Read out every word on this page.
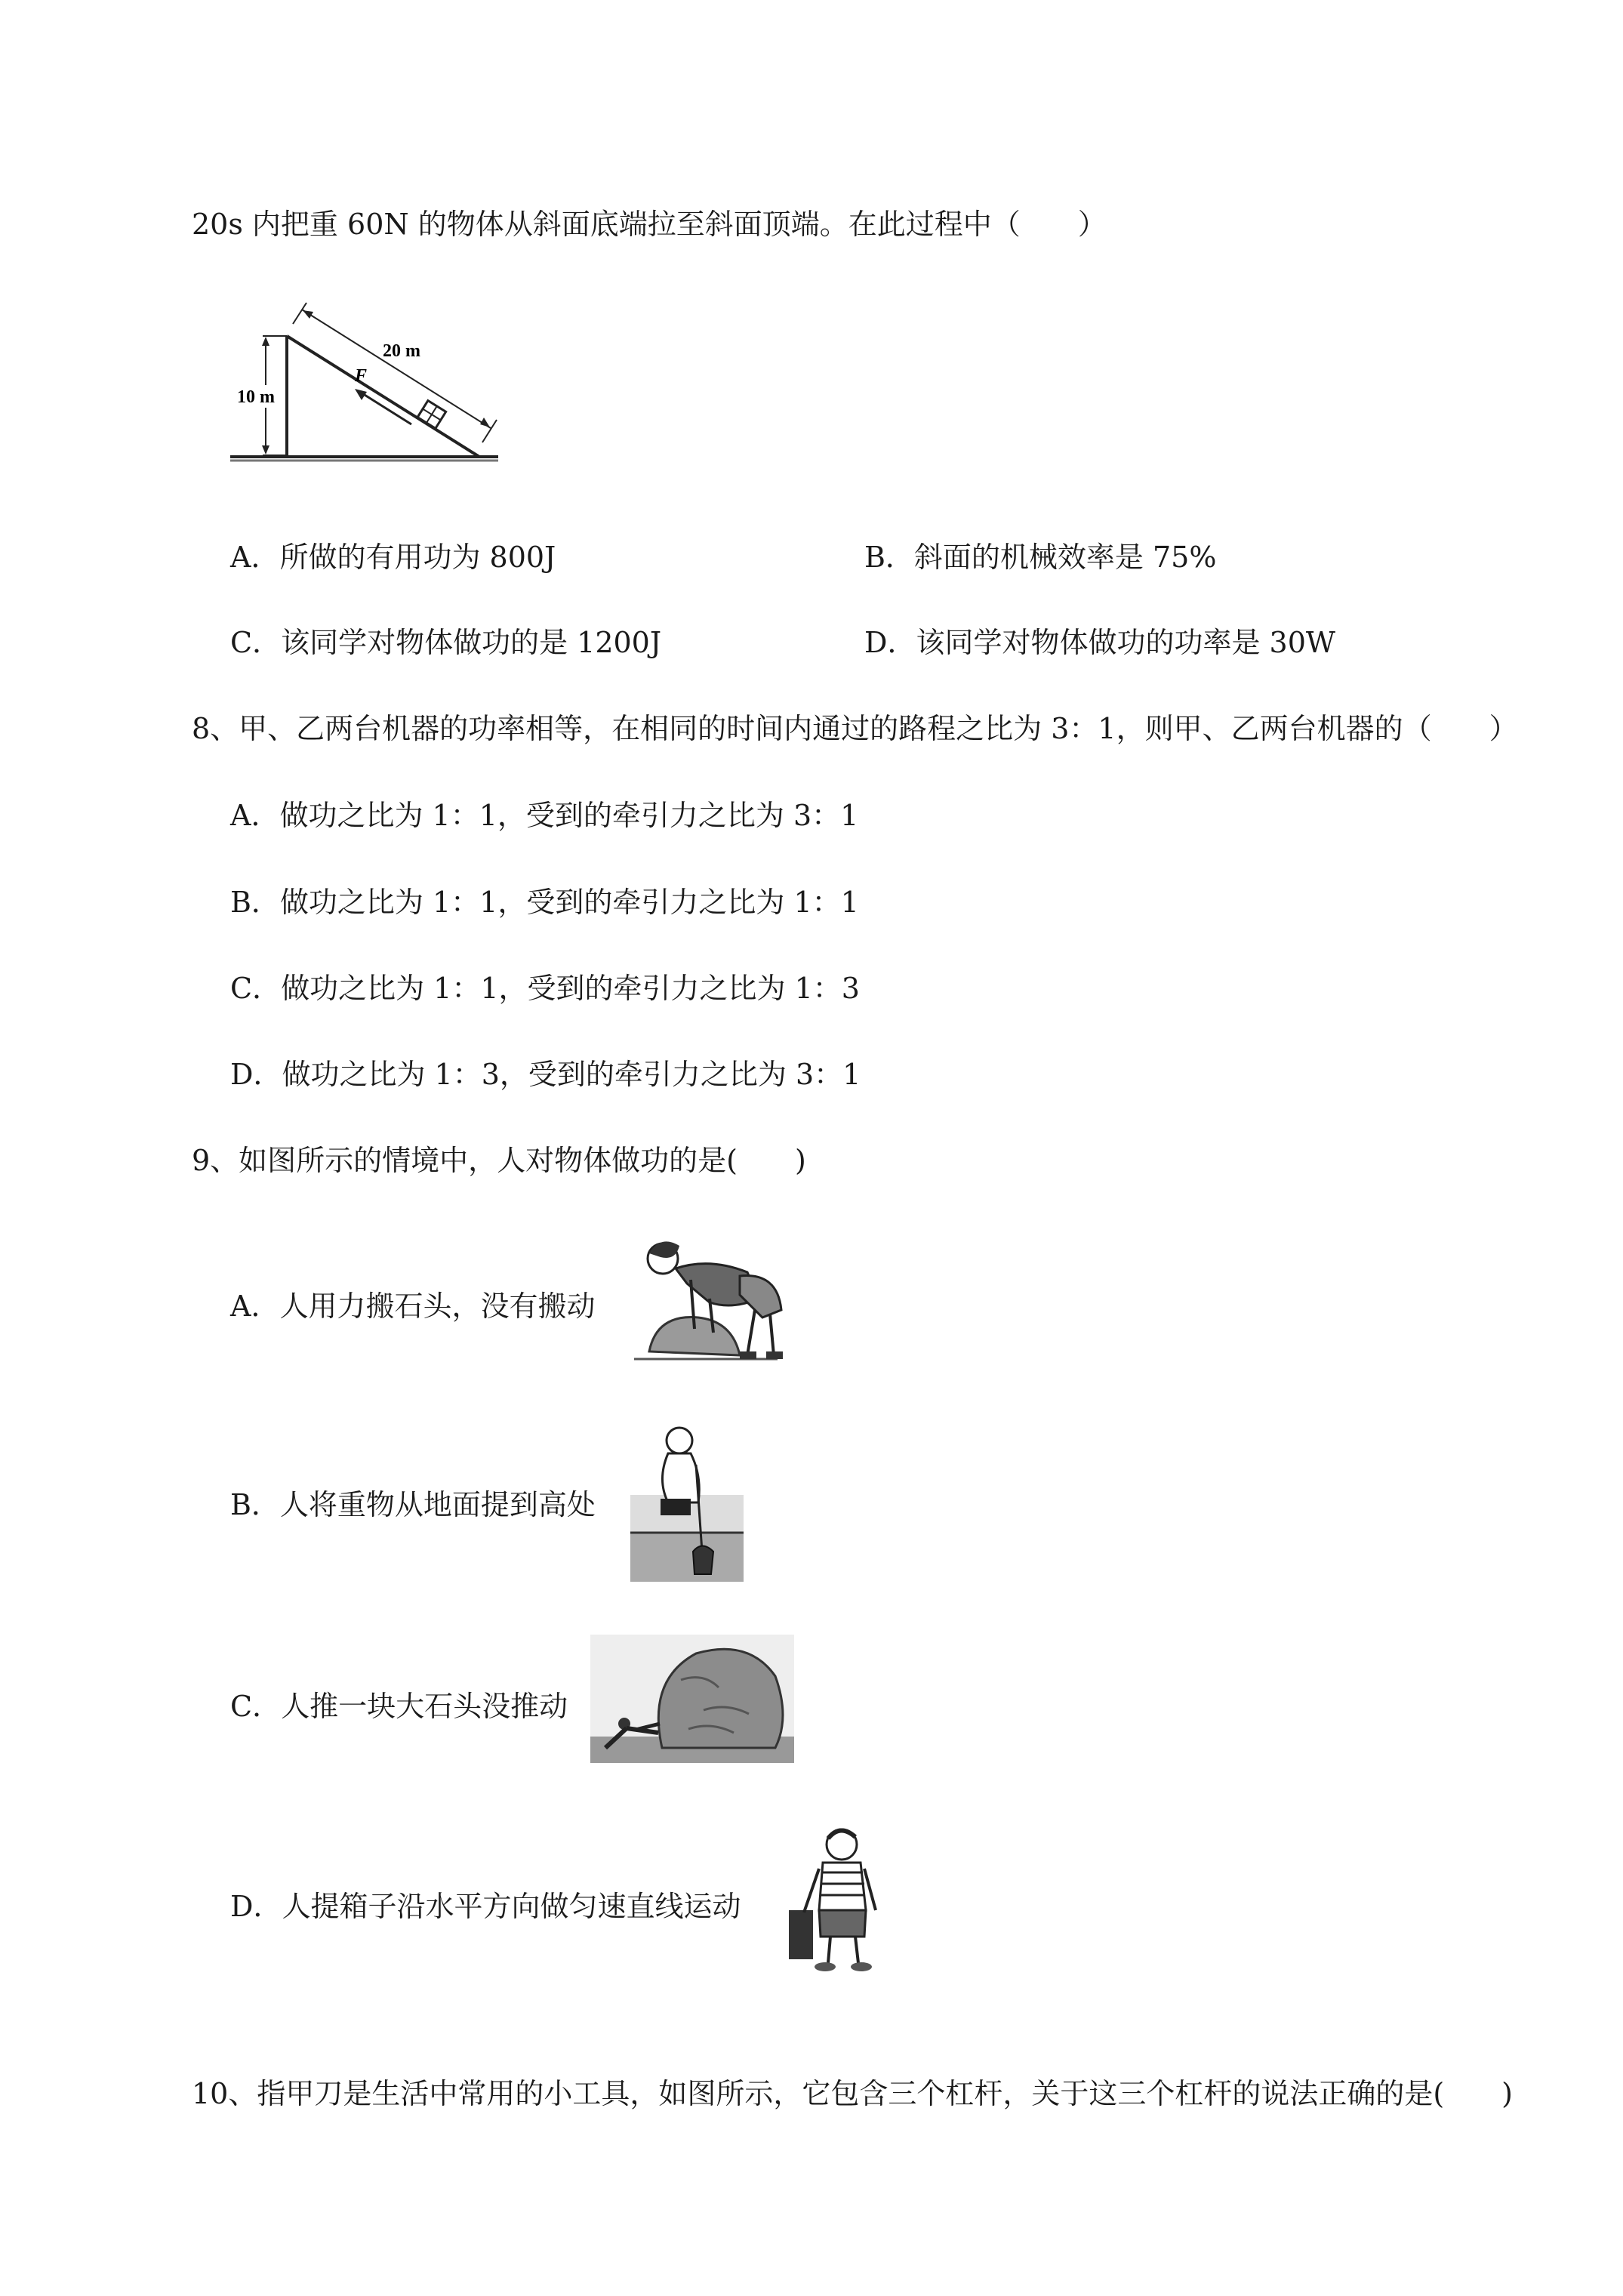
20s 内把重 60N 的物体从斜面底端拉至斜面顶端。在此过程中（　　）
10 m
20 m
F
A．所做的有用功为 800J	B．斜面的机械效率是 75%
C．该同学对物体做功的是 1200J	D．该同学对物体做功的功率是 30W
8、甲、乙两台机器的功率相等，在相同的时间内通过的路程之比为 3：1，则甲、乙两台机器的（　　）
A．做功之比为 1：1，受到的牵引力之比为 3：1
B．做功之比为 1：1，受到的牵引力之比为 1：1
C．做功之比为 1：1，受到的牵引力之比为 1：3
D．做功之比为 1：3，受到的牵引力之比为 3：1
9、如图所示的情境中，人对物体做功的是(　　)
A．人用力搬石头，没有搬动
B．人将重物从地面提到高处
C．人推一块大石头没推动
D．人提箱子沿水平方向做匀速直线运动
10、指甲刀是生活中常用的小工具，如图所示，它包含三个杠杆，关于这三个杠杆的说法正确的是(　　)
